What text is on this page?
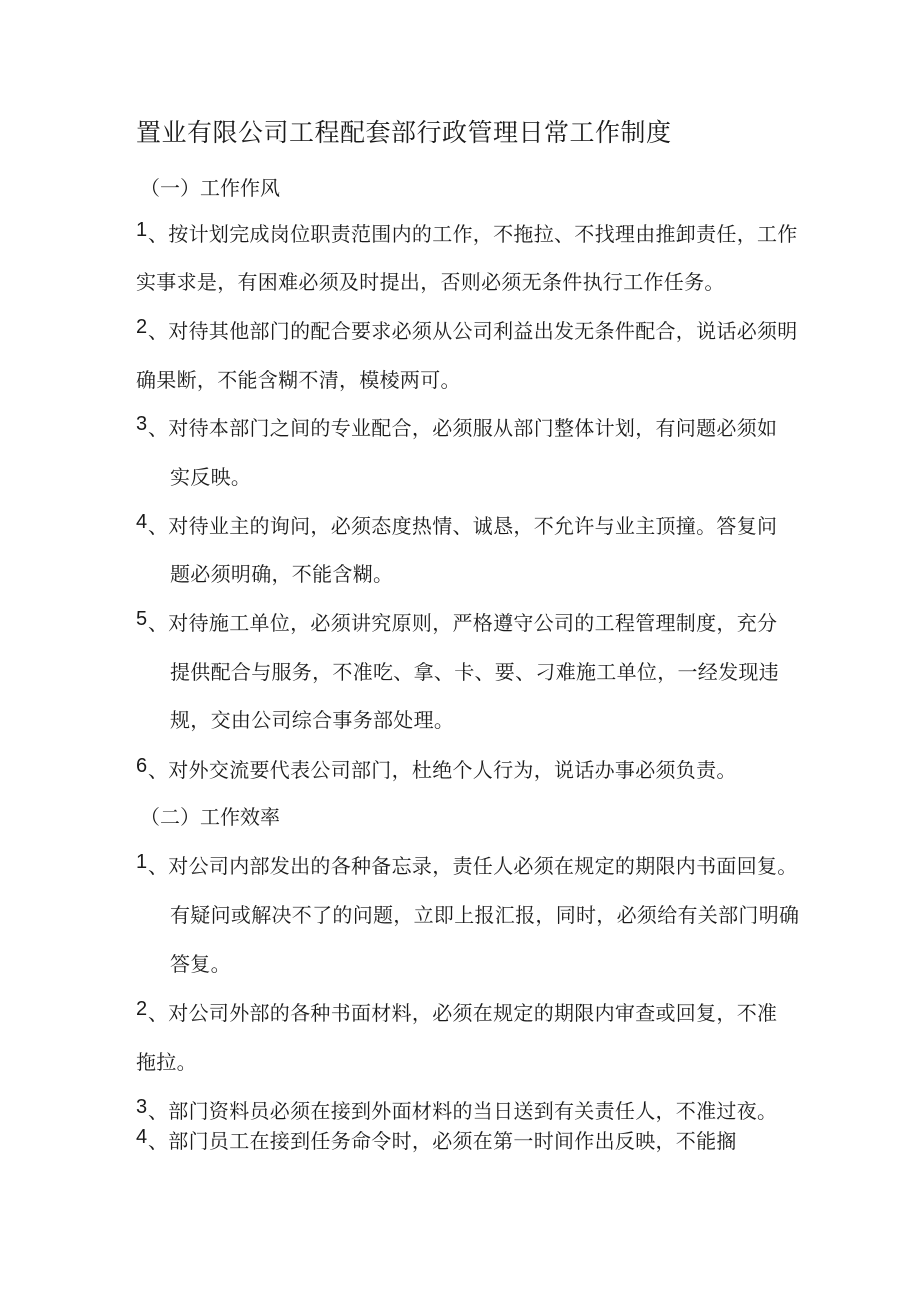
置业有限公司工程配套部行政管理日常工作制度
（一）工作作风
1 、按计划完成岗位职责范围内的工作，不拖拉、不找理由推卸责任，工作
实事求是，有困难必须及时提出，否则必须无条件执行工作任务。
2 、对待其他部门的配合要求必须从公司利益出发无条件配合，说话必须明
确果断，不能含糊不清，模棱两可。
3 、对待本部门之间的专业配合，必须服从部门整体计划，有问题必须如
实反映。
4 、对待业主的询问，必须态度热情、诚恳，不允许与业主顶撞。答复问
题必须明确，不能含糊。
5 、对待施工单位，必须讲究原则，严格遵守公司的工程管理制度，充分
提供配合与服务，不准吃、拿、卡、要、刁难施工单位，一经发现违
规，交由公司综合事务部处理。
6 、对外交流要代表公司部门，杜绝个人行为，说话办事必须负责。
（二）工作效率
1 、对公司内部发出的各种备忘录，责任人必须在规定的期限内书面回复。
有疑问或解决不了的问题，立即上报汇报，同时，必须给有关部门明确
答复。
2 、对公司外部的各种书面材料，必须在规定的期限内审查或回复，不准
拖拉。
3 、部门资料员必须在接到外面材料的当日送到有关责任人，不准过夜。
4 、部门员工在接到任务命令时，必须在第一时间作出反映，不能搁
